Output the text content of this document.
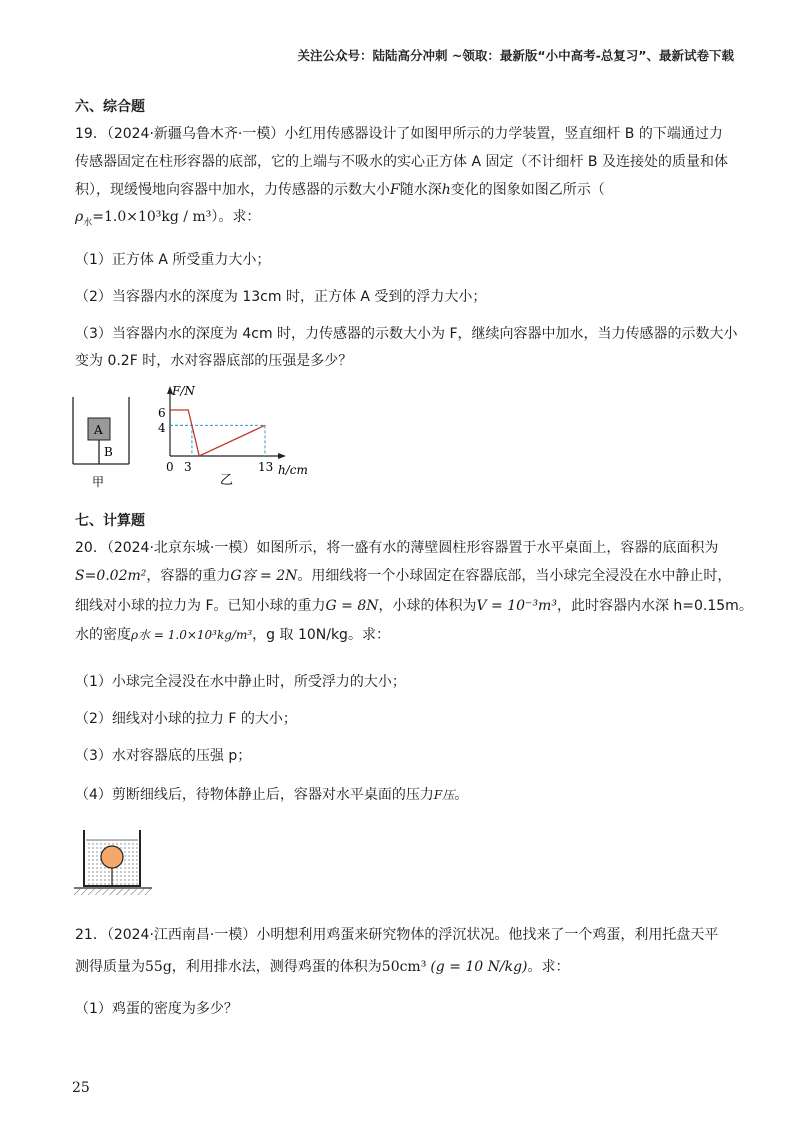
关注公众号：陆陆高分冲刺 ~领取：最新版“小中高考-总复习”、最新试卷下载
六、综合题
19．（2024·新疆乌鲁木齐·一模）小红用传感器设计了如图甲所示的力学装置，竖直细杆 B 的下端通过力
传感器固定在柱形容器的底部，它的上端与不吸水的实心正方体 A 固定（不计细杆 B 及连接处的质量和体
积），现缓慢地向容器中加水，力传感器的示数大小F随水深h变化的图象如图乙所示（
$\rho_水=1.0\times 10^3kg / m^3$）。求：
（1）正方体 A 所受重力大小；
（2）当容器内水的深度为 13cm 时，正方体 A 受到的浮力大小；
（3）当容器内水的深度为 4cm 时，力传感器的示数大小为 F，继续向容器中加水，当力传感器的示数大小
变为 0.2F 时，水对容器底部的压强是多少？
A
B
甲
F/N
h/cm
6
4
0 3	13
乙
七、计算题
20．（2024·北京东城·一模）如图所示，将一盛有水的薄壁圆柱形容器置于水平桌面上，容器的底面积为
S=0.02m²，容器的重力G容 = 2N。用细线将一个小球固定在容器底部，当小球完全浸没在水中静止时，
细线对小球的拉力为 F。已知小球的重力G = 8N，小球的体积为V = 10⁻³m³，此时容器内水深 h=0.15m。
水的密度ρ水 = 1.0×10³kg/m³，g 取 10N/kg。求：
（1）小球完全浸没在水中静止时，所受浮力的大小；
（2）细线对小球的拉力 F 的大小；
（3）水对容器底的压强 p；
（4）剪断细线后，待物体静止后，容器对水平桌面的压力F压。
21．（2024·江西南昌·一模）小明想利用鸡蛋来研究物体的浮沉状况。他找来了一个鸡蛋，利用托盘天平
测得质量为55g，利用排水法，测得鸡蛋的体积为50cm³ (g = 10 N/kg)。求：
（1）鸡蛋的密度为多少？
25
